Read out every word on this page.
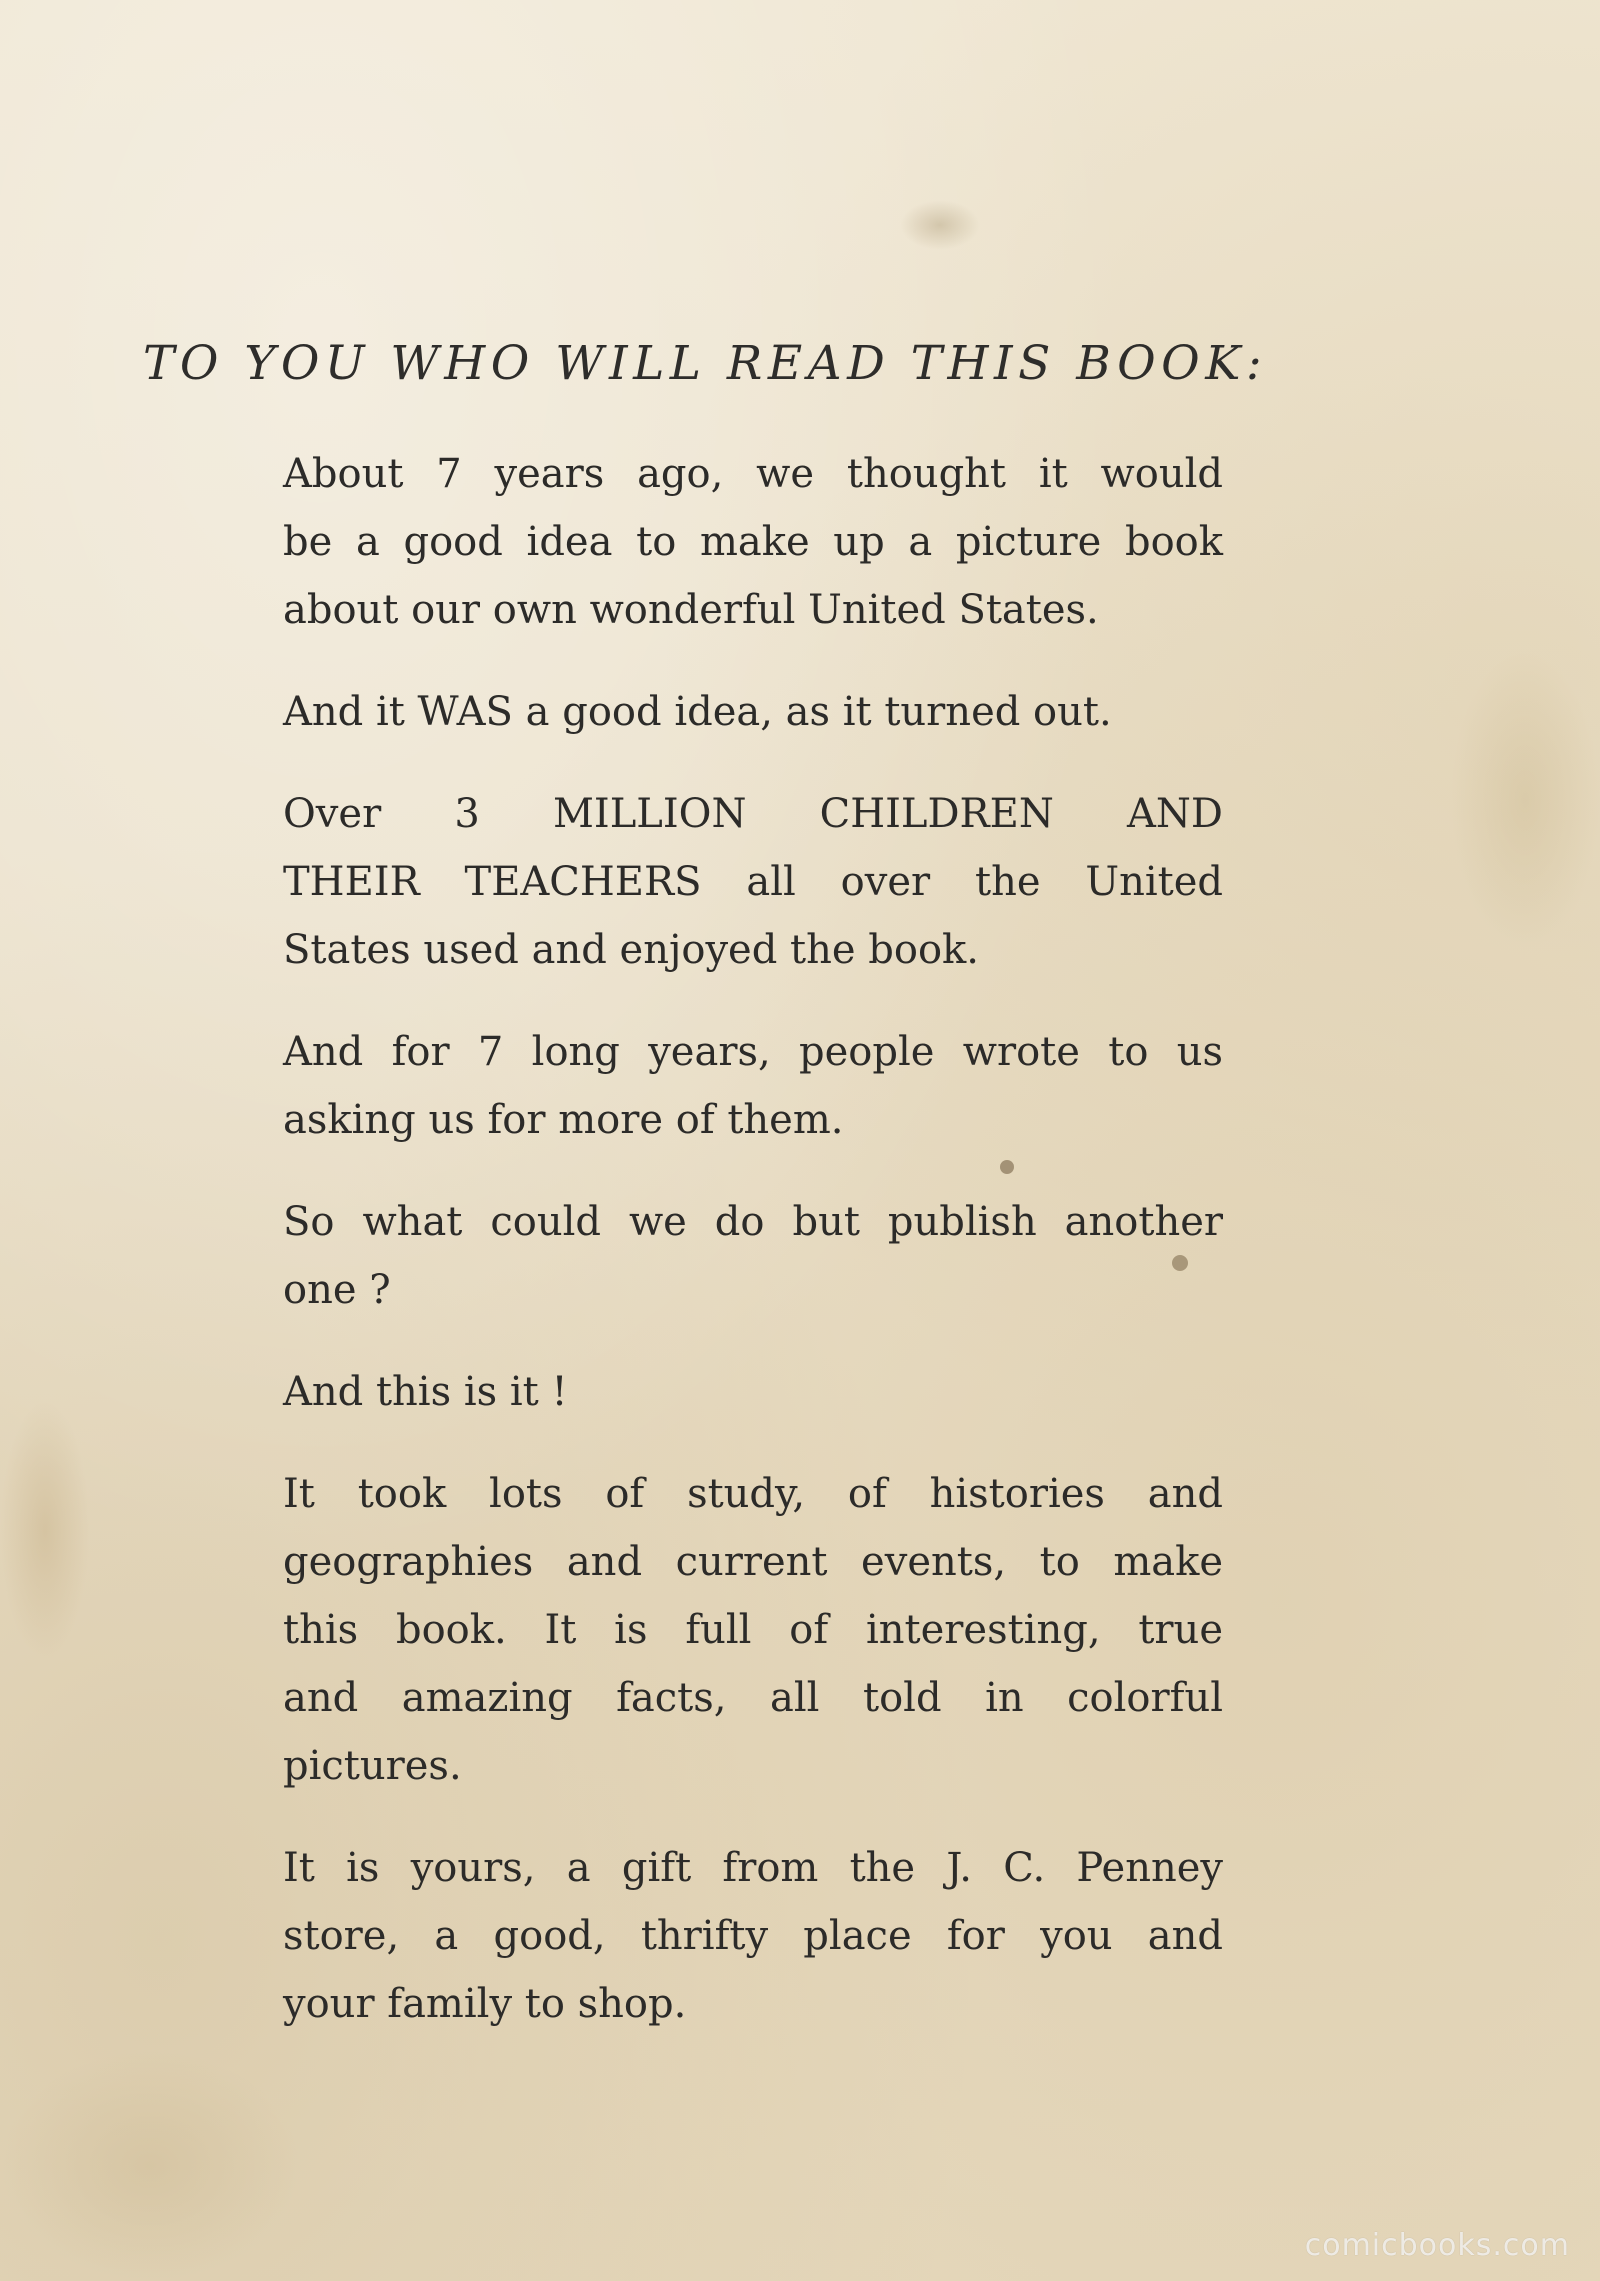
TO YOU WHO WILL READ THIS BOOK:

About 7 years ago, we thought it would
be a good idea to make up a picture book
about our own wonderful United States.

And it WAS a good idea, as it turned out.

Over 3 MILLION CHILDREN AND
THEIR TEACHERS all over the United
States used and enjoyed the book.

And for 7 long years, people wrote to us
asking us for more of them.

So what could we do but publish another
one ?

And this is it !

It took lots of study, of histories and
geographies and current events, to make
this book. It is full of interesting, true
and amazing facts, all told in colorful
pictures.

It is yours, a gift from the J. C. Penney
store, a good, thrifty place for you and
your family to shop.

comicbooks.com
